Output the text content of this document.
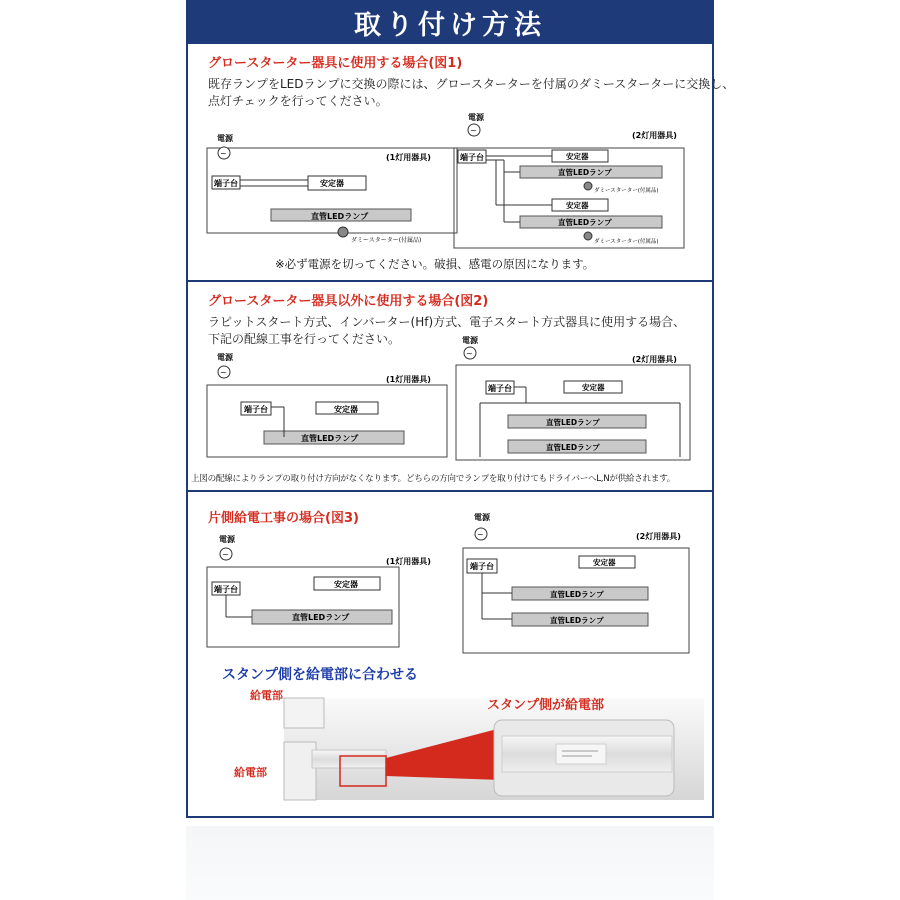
取り付け方法
グロースターター器具に使用する場合(図1)
既存ランプをLEDランプに交換の際には、グロースターターを付属のダミースターターに交換し、
点灯チェックを行ってください。
電源
~
端子台	安定器
(1灯用器具)
直管LEDランプ
ダミースターター(付属品)
電源
~
(2灯用器具)
端子台	安定器
直管LEDランプ
ダミースターター(付属品)
安定器
直管LEDランプ
ダミースターター(付属品)
※必ず電源を切ってください。破損、感電の原因になります。
グロースターター器具以外に使用する場合(図2)
ラピットスタート方式、インバーター(Hf)方式、電子スタート方式器具に使用する場合、
下記の配線工事を行ってください。
電源
~
(1灯用器具)
端子台	安定器
直管LEDランプ
電源
~
(2灯用器具)
端子台	安定器
直管LEDランプ
直管LEDランプ
上図の配線によりランプの取り付け方向がなくなります。どちらの方向でランプを取り付けてもドライバーへL,Nが供給されます。
片側給電工事の場合(図3)
電源
~
(1灯用器具)
端子台
安定器
直管LEDランプ
電源
~	(2灯用器具)
端子台	安定器
直管LEDランプ
直管LEDランプ
スタンプ側を給電部に合わせる
給電部
給電部
スタンプ側が給電部
